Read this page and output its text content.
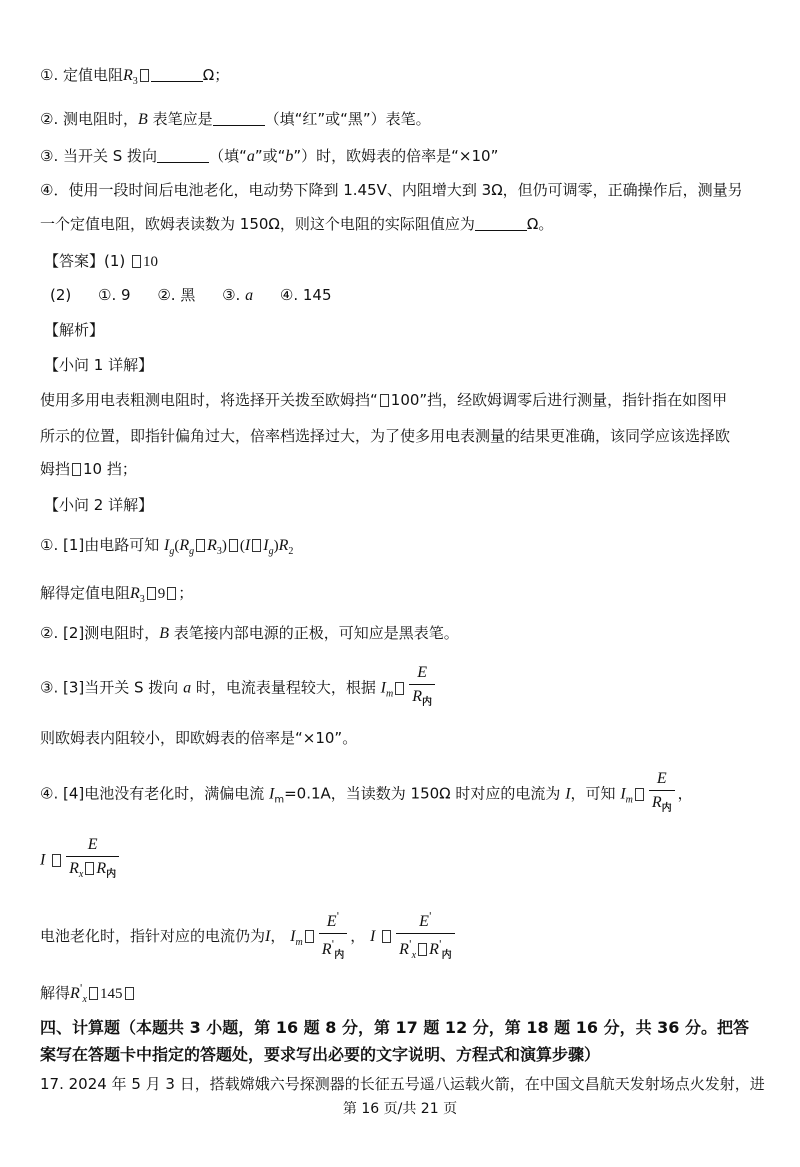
①. 定值电阻$R_3$	Ω；
②. 测电阻时，B 表笔应是	（填“红”或“黑”）表笔。
③. 当开关 S 拨向	（填“a”或“b”）时，欧姆表的倍率是“×10”
④．使用一段时间后电池老化，电动势下降到 1.45V、内阻增大到 3Ω，但仍可调零，正确操作后，测量另
一个定值电阻，欧姆表读数为 150Ω，则这个电阻的实际阻值应为	Ω。
【答案】(1) 10
(2) ①. 9 ②. 黑 ③. a ④. 145
【解析】
【小问 1 详解】
使用多用电表粗测电阻时，将选择开关拨至欧姆挡“ 100”挡，经欧姆调零后进行测量，指针指在如图甲
所示的位置，即指针偏角过大，倍率档选择过大，为了使多用电表测量的结果更准确，该同学应该选择欧
姆挡 10 挡；
【小问 2 详解】
①. [1]由电路可知 $I_g(R_g$ $R_3$) (I $I_g)R_2$
解得定值电阻$R_3$ 9 ；
②. [2]测电阻时，B 表笔接内部电源的正极，可知应是黑表笔。
③. [3]当开关 S 拨向 a 时，电流表量程较大，根据 $I_m \frac{E}{R_内}$
则欧姆表内阻较小，即欧姆表的倍率是“×10”。
④. [4]电池没有老化时，满偏电流 $I_m=0.1A$，当读数为 150Ω 时对应的电流为 I，可知 $I_m \frac{E}{R_内}$ ，
I $\frac{E}{R_x R_内}$
电池老化时，指针对应的电流仍为I， $I_m \frac{E'}{R'_内}$ ， I $\frac{E'}{R'_x R'_内}$
解得$R'_x$ 145
四、计算题（本题共 3 小题，第 16 题 8 分，第 17 题 12 分，第 18 题 16 分，共 36 分。把答
案写在答题卡中指定的答题处，要求写出必要的文字说明、方程式和演算步骤）
17. 2024 年 5 月 3 日，搭载嫦娥六号探测器的长征五号遥八运载火箭，在中国文昌航天发射场点火发射，进
第 16 页/共 21 页
